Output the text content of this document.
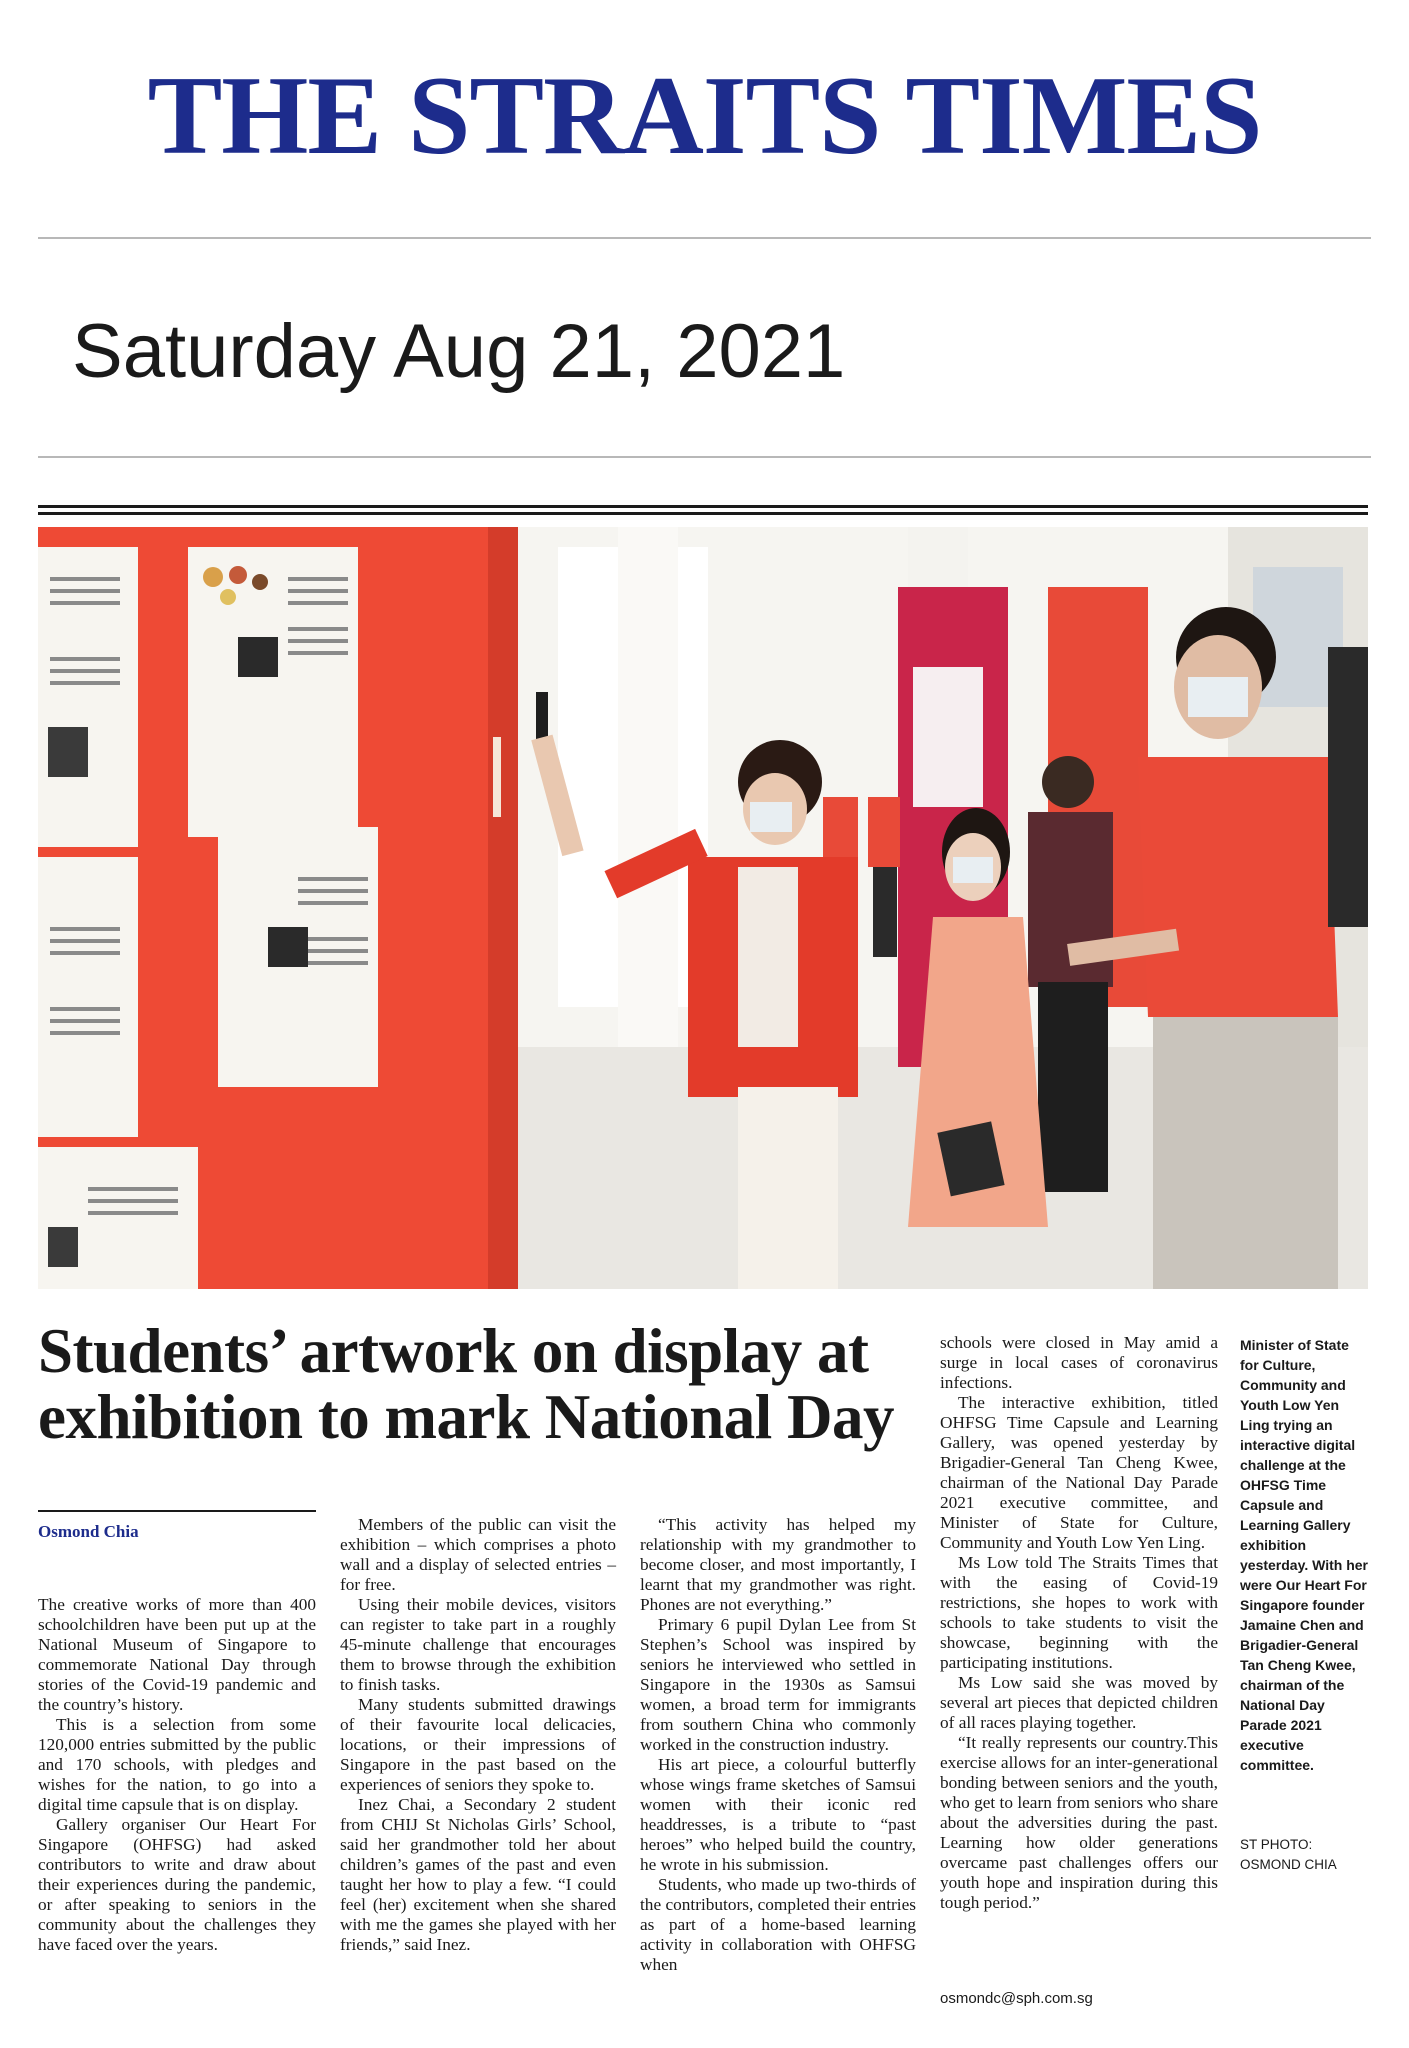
THE STRAITS TIMES
Saturday Aug 21, 2021
Students’ artwork on display at exhibition to mark National Day
Osmond Chia

The creative works of more than 400 schoolchildren have been put up at the National Museum of Singapore to commemorate National Day through stories of the Covid-19 pandemic and the country’s history.

This is a selection from some 120,000 entries submitted by the public and 170 schools, with pledges and wishes for the nation, to go into a digital time capsule that is on display.

Gallery organiser Our Heart For Singapore (OHFSG) had asked contributors to write and draw about their experiences during the pandemic, or after speaking to seniors in the community about the challenges they have faced over the years.

Members of the public can visit the exhibition – which comprises a photo wall and a display of selected entries – for free.

Using their mobile devices, visitors can register to take part in a roughly 45-minute challenge that encourages them to browse through the exhibition to finish tasks.

Many students submitted drawings of their favourite local delicacies, locations, or their impressions of Singapore in the past based on the experiences of seniors they spoke to.

Inez Chai, a Secondary 2 student from CHIJ St Nicholas Girls’ School, said her grandmother told her about children’s games of the past and even taught her how to play a few. “I could feel (her) excitement when she shared with me the games she played with her friends,” said Inez.

“This activity has helped my relationship with my grandmother to become closer, and most importantly, I learnt that my grandmother was right. Phones are not everything.”

Primary 6 pupil Dylan Lee from St Stephen’s School was inspired by seniors he interviewed who settled in Singapore in the 1930s as Samsui women, a broad term for immigrants from southern China who commonly worked in the construction industry.

His art piece, a colourful butterfly whose wings frame sketches of Samsui women with their iconic red headdresses, is a tribute to “past heroes” who helped build the country, he wrote in his submission.

Students, who made up two-thirds of the contributors, completed their entries as part of a home-based learning activity in collaboration with OHFSG when

schools were closed in May amid a surge in local cases of coronavirus infections.

The interactive exhibition, titled OHFSG Time Capsule and Learning Gallery, was opened yesterday by Brigadier-General Tan Cheng Kwee, chairman of the National Day Parade 2021 executive committee, and Minister of State for Culture, Community and Youth Low Yen Ling.

Ms Low told The Straits Times that with the easing of Covid-19 restrictions, she hopes to work with schools to take students to visit the showcase, beginning with the participating institutions.

Ms Low said she was moved by several art pieces that depicted children of all races playing together.

“It really represents our country.This exercise allows for an inter-generational bonding between seniors and the youth, who get to learn from seniors who share about the adversities during the past. Learning how older generations overcame past challenges offers our youth hope and inspiration during this tough period.”

osmondc@sph.com.sg
Minister of State for Culture, Community and Youth Low Yen Ling trying an interactive digital challenge at the OHFSG Time Capsule and Learning Gallery exhibition yesterday. With her were Our Heart For Singapore founder Jamaine Chen and Brigadier-General Tan Cheng Kwee, chairman of the National Day Parade 2021 executive committee.
ST PHOTO: OSMOND CHIA
